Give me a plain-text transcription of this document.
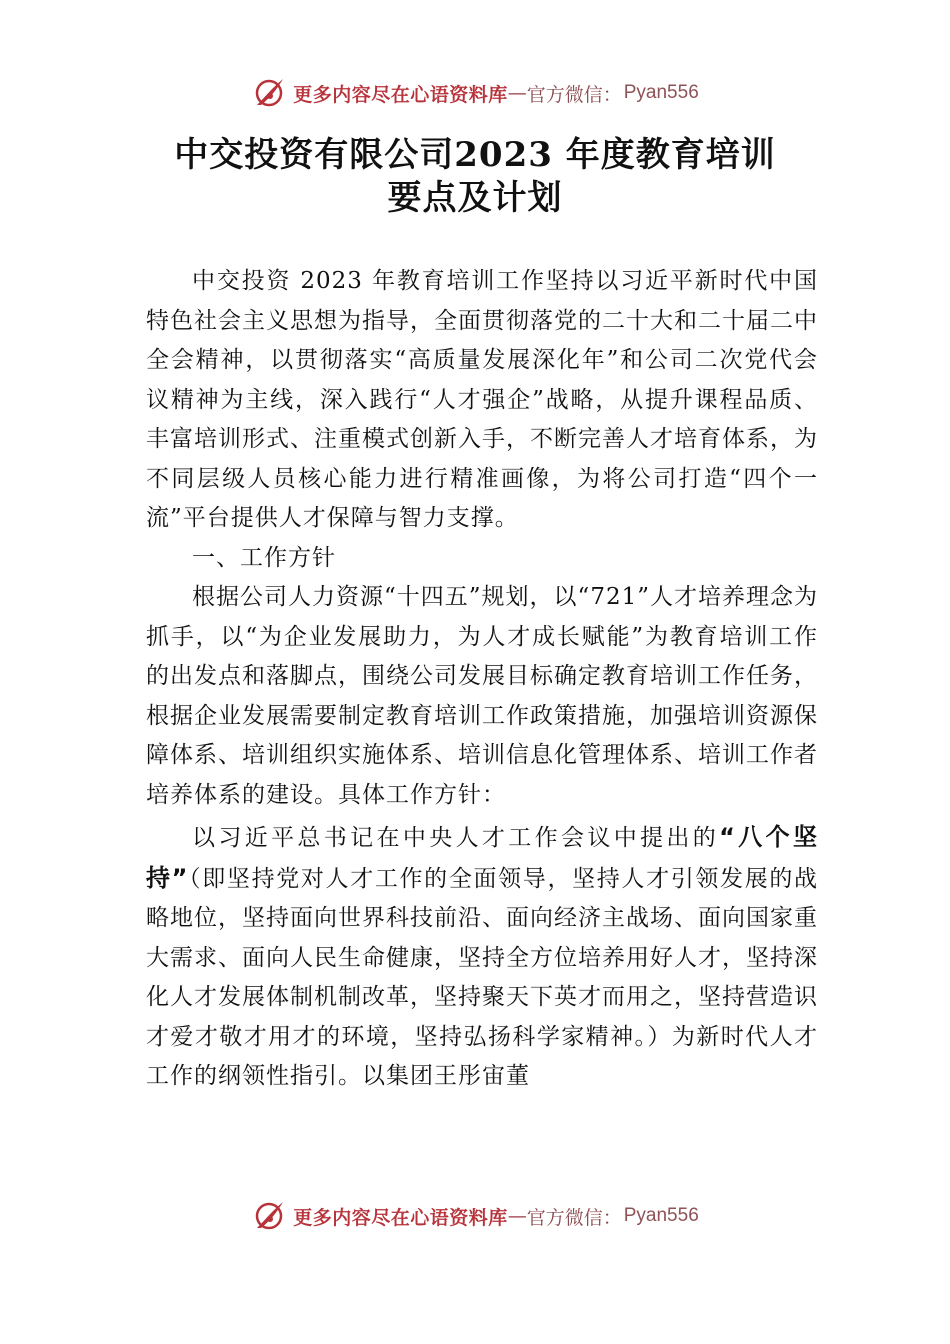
更多内容尽在心语资料库 — 官方微信： Pyan556
中交投资有限公司2023 年度教育培训
要点及计划

中交投资 2023 年教育培训工作坚持以习近平新时代中国特色社会主义思想为指导，全面贯彻落党的二十大和二十届二中全会精神，以贯彻落实“高质量发展深化年”和公司二次党代会议精神为主线，深入践行“人才强企”战略，从提升课程品质、丰富培训形式、注重模式创新入手，不断完善人才培育体系，为不同层级人员核心能力进行精准画像，为将公司打造“四个一流”平台提供人才保障与智力支撑。

一、工作方针

根据公司人力资源“十四五”规划，以“721”人才培养理念为抓手，以“为企业发展助力，为人才成长赋能”为教育培训工作的出发点和落脚点，围绕公司发展目标确定教育培训工作任务，根据企业发展需要制定教育培训工作政策措施，加强培训资源保障体系、培训组织实施体系、培训信息化管理体系、培训工作者培养体系的建设。具体工作方针：

以习近平总书记在中央人才工作会议中提出的“八个坚持”（即坚持党对人才工作的全面领导，坚持人才引领发展的战略地位，坚持面向世界科技前沿、面向经济主战场、面向国家重大需求、面向人民生命健康，坚持全方位培养用好人才，坚持深化人才发展体制机制改革，坚持聚天下英才而用之，坚持营造识才爱才敬才用才的环境，坚持弘扬科学家精神。）为新时代人才工作的纲领性指引。以集团王彤宙董

更多内容尽在心语资料库 — 官方微信： Pyan556
